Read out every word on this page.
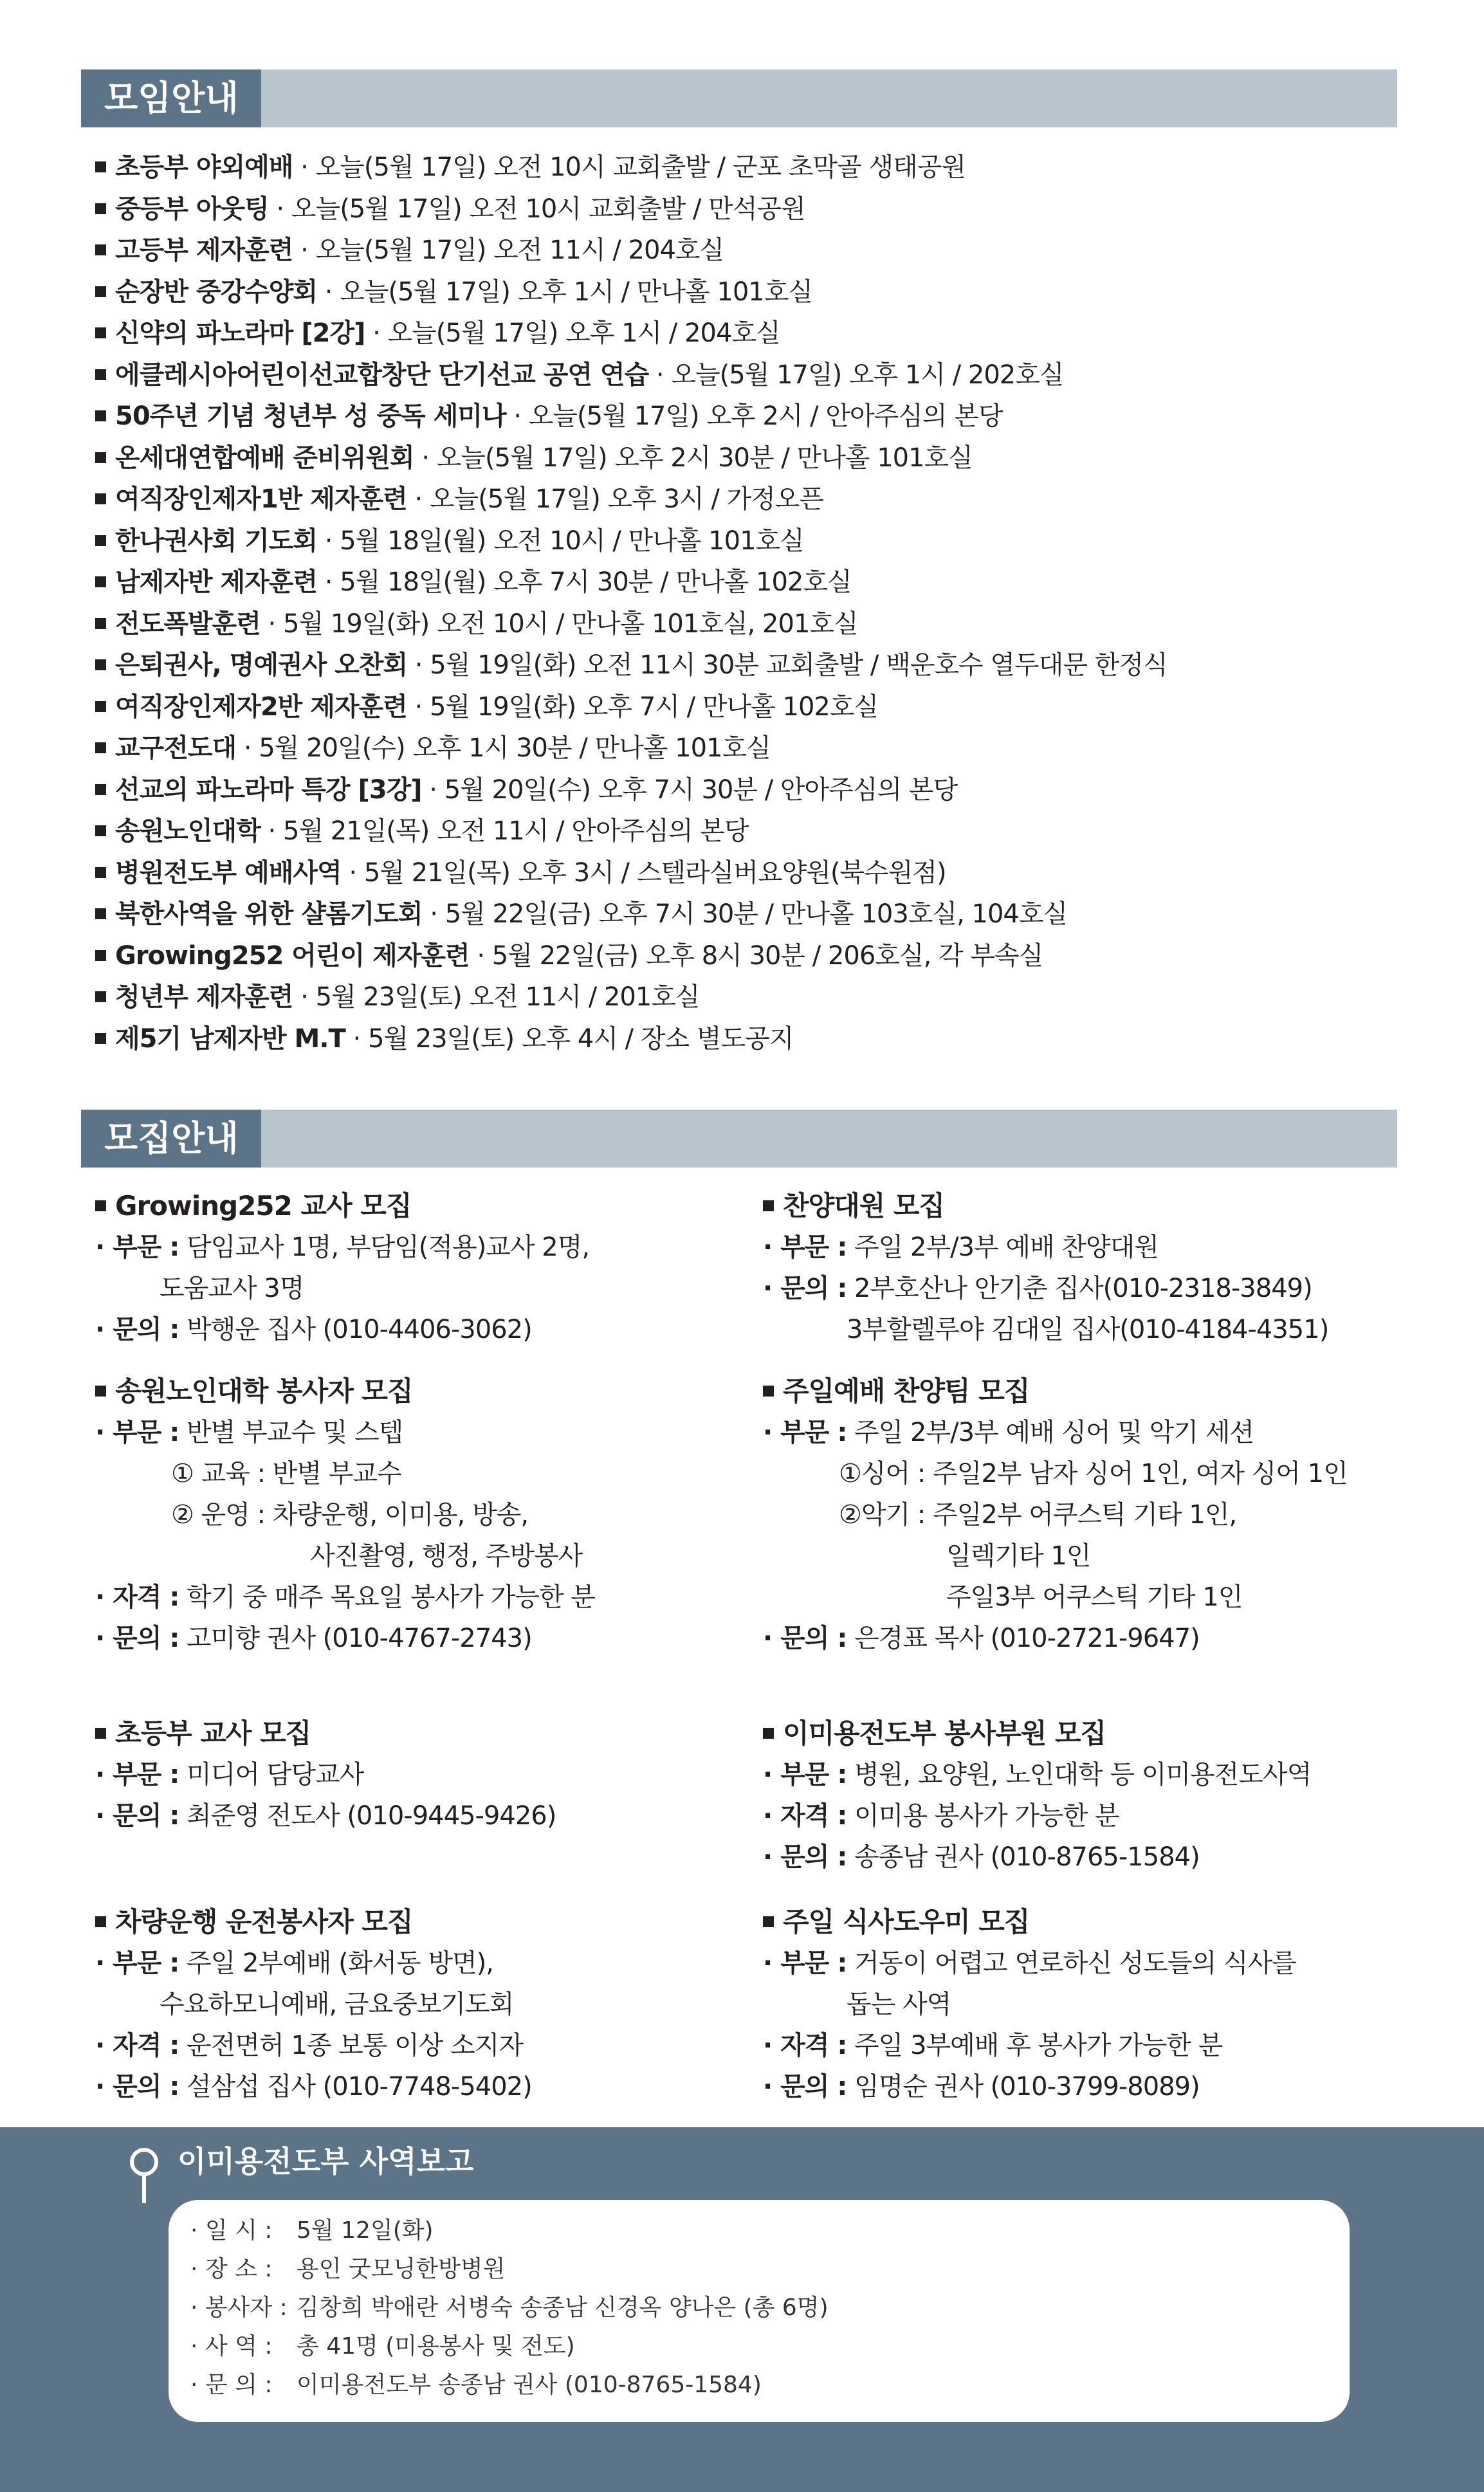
모임안내
초등부 야외예배 · 오늘(5월 17일) 오전 10시 교회출발 / 군포 초막골 생태공원
중등부 아웃팅 · 오늘(5월 17일) 오전 10시 교회출발 / 만석공원
고등부 제자훈련 · 오늘(5월 17일) 오전 11시 / 204호실
순장반 중강수양회 · 오늘(5월 17일) 오후 1시 / 만나홀 101호실
신약의 파노라마 [2강] · 오늘(5월 17일) 오후 1시 / 204호실
에클레시아어린이선교합창단 단기선교 공연 연습 · 오늘(5월 17일) 오후 1시 / 202호실
50주년 기념 청년부 성 중독 세미나 · 오늘(5월 17일) 오후 2시 / 안아주심의 본당
온세대연합예배 준비위원회 · 오늘(5월 17일) 오후 2시 30분 / 만나홀 101호실
여직장인제자1반 제자훈련 · 오늘(5월 17일) 오후 3시 / 가정오픈
한나권사회 기도회 · 5월 18일(월) 오전 10시 / 만나홀 101호실
남제자반 제자훈련 · 5월 18일(월) 오후 7시 30분 / 만나홀 102호실
전도폭발훈련 · 5월 19일(화) 오전 10시 / 만나홀 101호실, 201호실
은퇴권사, 명예권사 오찬회 · 5월 19일(화) 오전 11시 30분 교회출발 / 백운호수 열두대문 한정식
여직장인제자2반 제자훈련 · 5월 19일(화) 오후 7시 / 만나홀 102호실
교구전도대 · 5월 20일(수) 오후 1시 30분 / 만나홀 101호실
선교의 파노라마 특강 [3강] · 5월 20일(수) 오후 7시 30분 / 안아주심의 본당
송원노인대학 · 5월 21일(목) 오전 11시 / 안아주심의 본당
병원전도부 예배사역 · 5월 21일(목) 오후 3시 / 스텔라실버요양원(북수원점)
북한사역을 위한 샬롬기도회 · 5월 22일(금) 오후 7시 30분 / 만나홀 103호실, 104호실
Growing252 어린이 제자훈련 · 5월 22일(금) 오후 8시 30분 / 206호실, 각 부속실
청년부 제자훈련 · 5월 23일(토) 오전 11시 / 201호실
제5기 남제자반 M.T · 5월 23일(토) 오후 4시 / 장소 별도공지
모집안내
Growing252 교사 모집
· 부문 : 담임교사 1명, 부담임(적용)교사 2명,
도움교사 3명
· 문의 : 박행운 집사 (010-4406-3062)
송원노인대학 봉사자 모집
· 부문 : 반별 부교수 및 스텝
① 교육 : 반별 부교수
② 운영 : 차량운행, 이미용, 방송,
사진촬영, 행정, 주방봉사
· 자격 : 학기 중 매주 목요일 봉사가 가능한 분
· 문의 : 고미향 권사 (010-4767-2743)
초등부 교사 모집
· 부문 : 미디어 담당교사
· 문의 : 최준영 전도사 (010-9445-9426)
차량운행 운전봉사자 모집
· 부문 : 주일 2부예배 (화서동 방면),
수요하모니예배, 금요중보기도회
· 자격 : 운전면허 1종 보통 이상 소지자
· 문의 : 설삼섭 집사 (010-7748-5402)
찬양대원 모집
· 부문 : 주일 2부/3부 예배 찬양대원
· 문의 : 2부호산나 안기춘 집사(010-2318-3849)
3부할렐루야 김대일 집사(010-4184-4351)
주일예배 찬양팀 모집
· 부문 : 주일 2부/3부 예배 싱어 및 악기 세션
①싱어 : 주일2부 남자 싱어 1인, 여자 싱어 1인
②악기 : 주일2부 어쿠스틱 기타 1인,
일렉기타 1인
주일3부 어쿠스틱 기타 1인
· 문의 : 은경표 목사 (010-2721-9647)
이미용전도부 봉사부원 모집
· 부문 : 병원, 요양원, 노인대학 등 이미용전도사역
· 자격 : 이미용 봉사가 가능한 분
· 문의 : 송종남 권사 (010-8765-1584)
주일 식사도우미 모집
· 부문 : 거동이 어렵고 연로하신 성도들의 식사를
돕는 사역
· 자격 : 주일 3부예배 후 봉사가 가능한 분
· 문의 : 임명순 권사 (010-3799-8089)
이미용전도부 사역보고
· 일 시 : 5월 12일(화)
· 장 소 : 용인 굿모닝한방병원
· 봉사자 : 김창희 박애란 서병숙 송종남 신경옥 양나은 (총 6명)
· 사 역 : 총 41명 (미용봉사 및 전도)
· 문 의 : 이미용전도부 송종남 권사 (010-8765-1584)
